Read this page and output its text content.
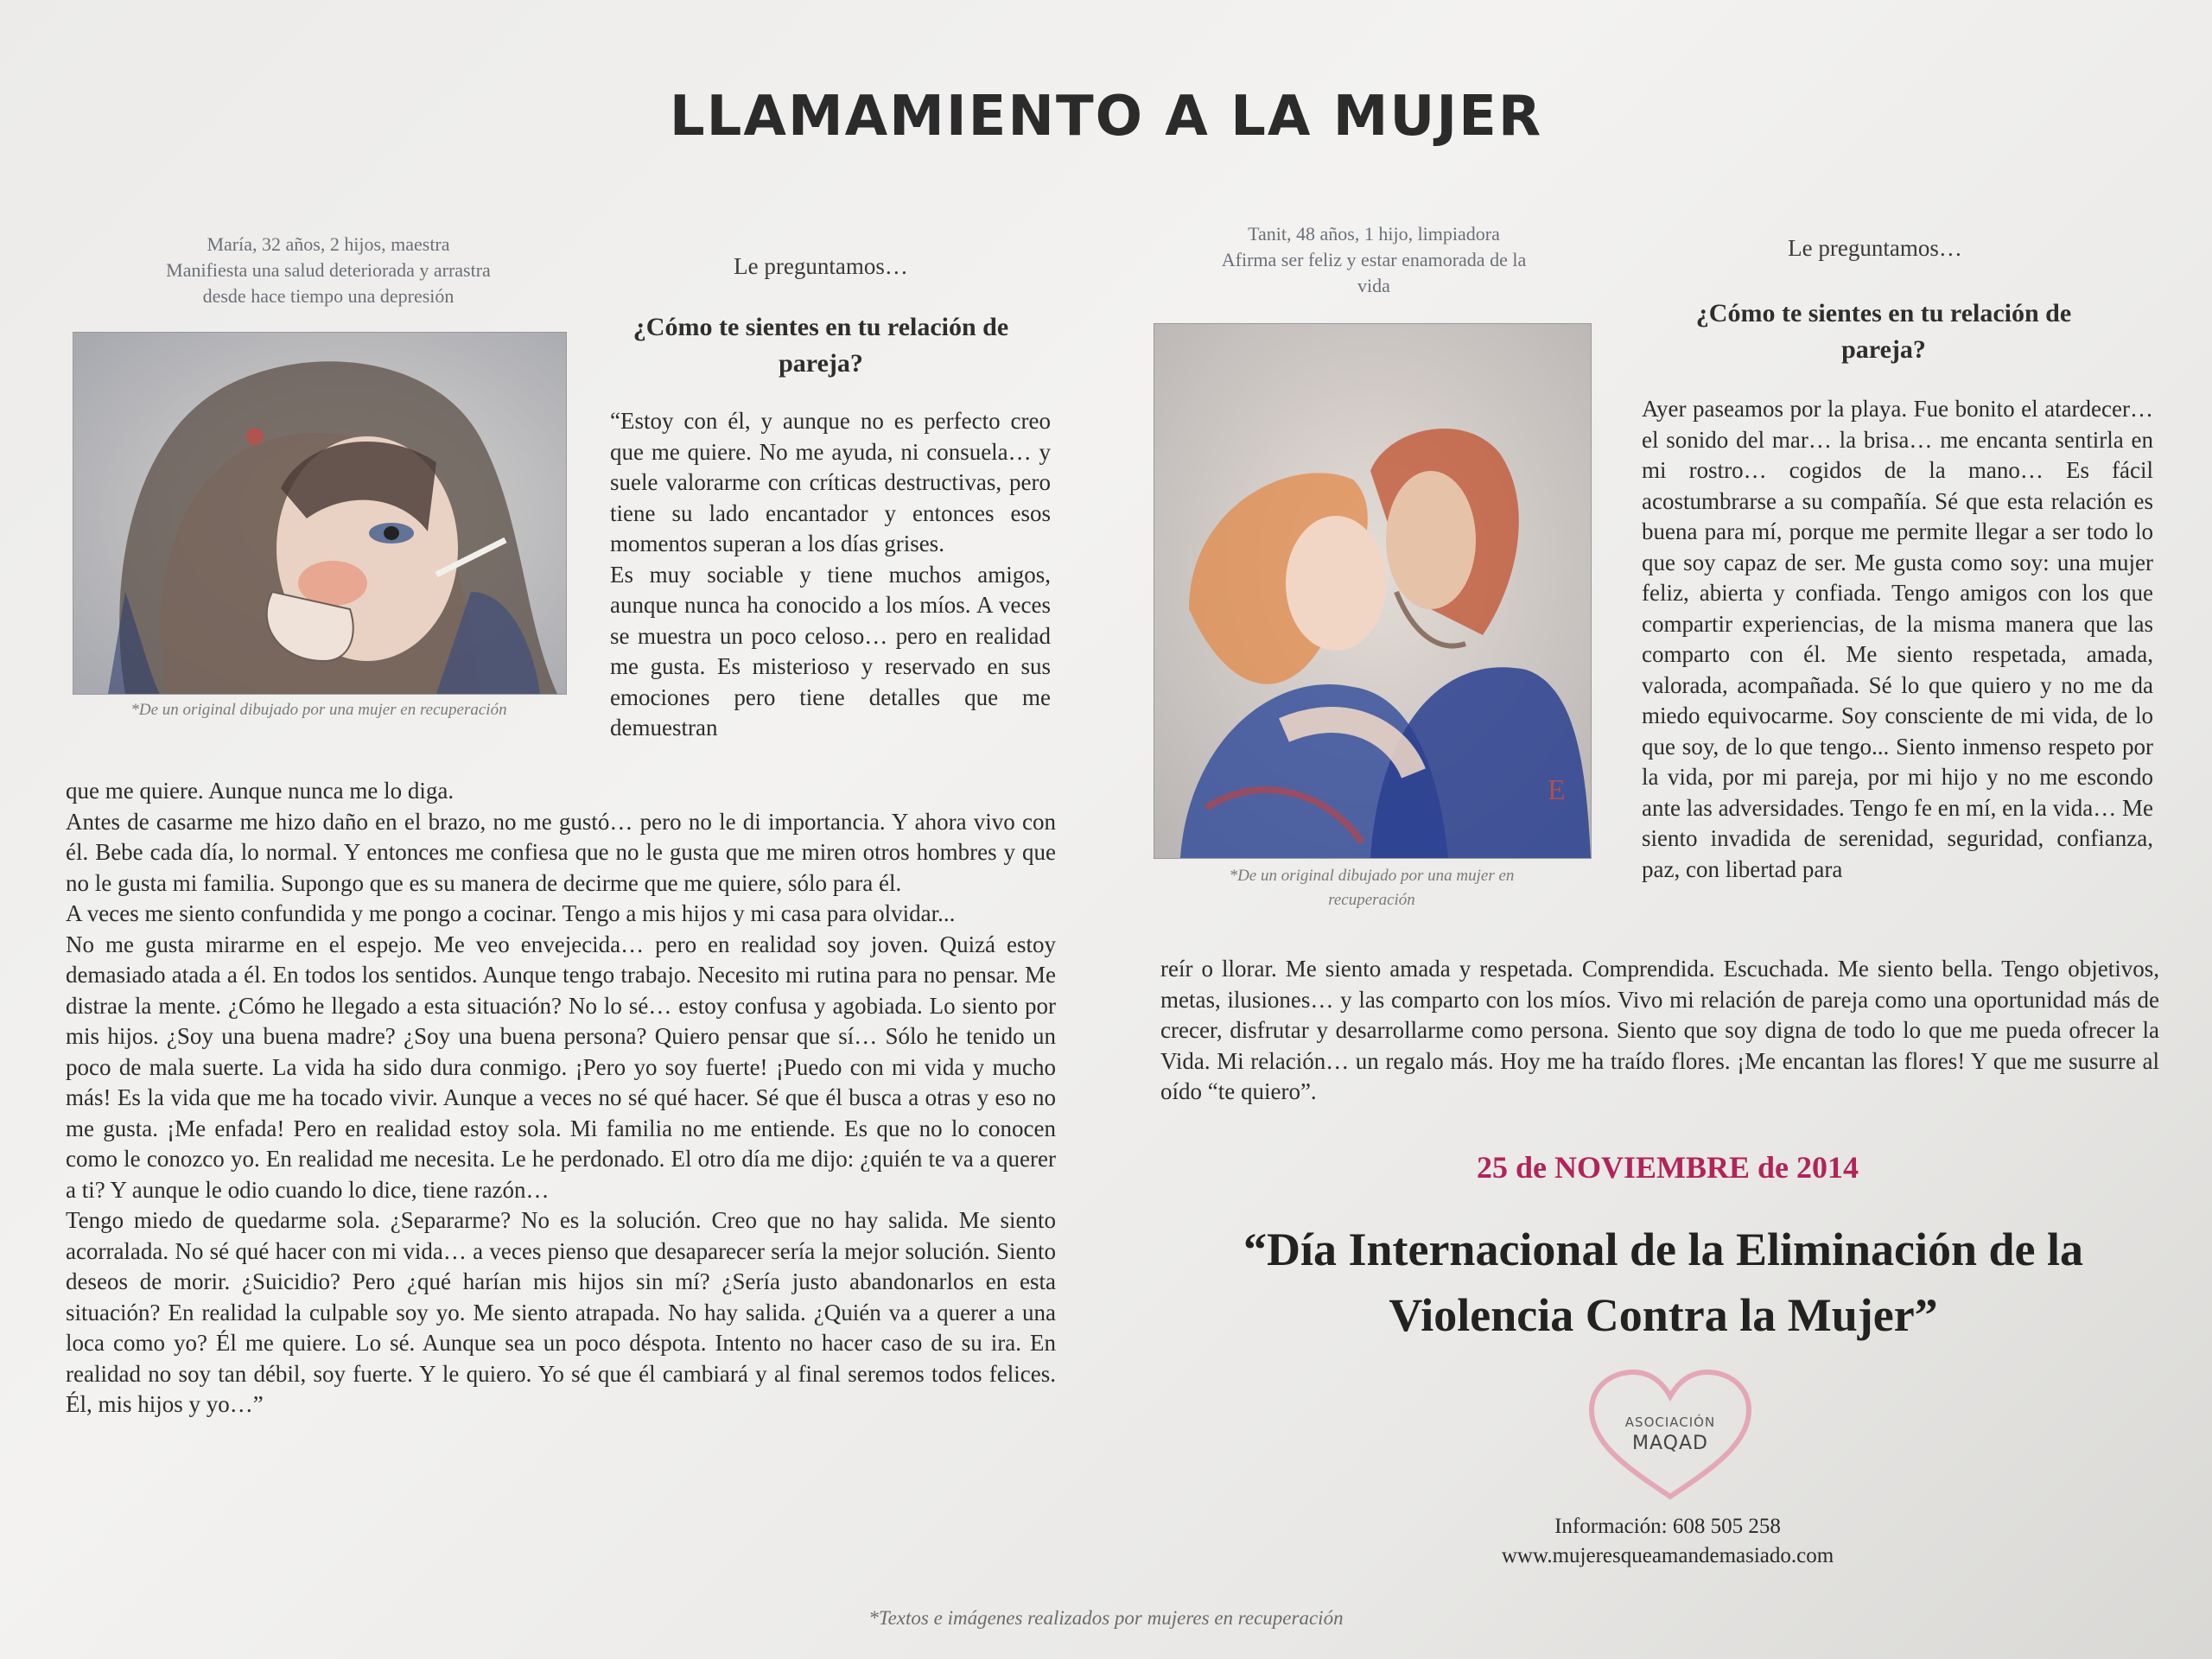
LLAMAMIENTO A LA MUJER
María, 32 años, 2 hijos, maestra
Manifiesta una salud deteriorada y arrastra
desde hace tiempo una depresión
Le preguntamos…
¿Cómo te sientes en tu relación de pareja?
*De un original dibujado por una mujer en recuperación

“Estoy con él, y aunque no es perfecto creo que me quiere. No me ayuda, ni consuela… y suele valorarme con críticas destructivas, pero tiene su lado encantador y entonces esos momentos superan a los días grises.

Es muy sociable y tiene muchos amigos, aunque nunca ha conocido a los míos. A veces se muestra un poco celoso… pero en realidad me gusta. Es misterioso y reservado en sus emociones pero tiene detalles que me demuestran

que me quiere. Aunque nunca me lo diga.

Antes de casarme me hizo daño en el brazo, no me gustó… pero no le di importancia. Y ahora vivo con él. Bebe cada día, lo normal. Y entonces me confiesa que no le gusta que me miren otros hombres y que no le gusta mi familia. Supongo que es su manera de decirme que me quiere, sólo para él.

A veces me siento confundida y me pongo a cocinar. Tengo a mis hijos y mi casa para olvidar...

No me gusta mirarme en el espejo. Me veo envejecida… pero en realidad soy joven. Quizá estoy demasiado atada a él. En todos los sentidos. Aunque tengo trabajo. Necesito mi rutina para no pensar. Me distrae la mente. ¿Cómo he llegado a esta situación? No lo sé… estoy confusa y agobiada. Lo siento por mis hijos. ¿Soy una buena madre? ¿Soy una buena persona? Quiero pensar que sí… Sólo he tenido un poco de mala suerte. La vida ha sido dura conmigo. ¡Pero yo soy fuerte! ¡Puedo con mi vida y mucho más! Es la vida que me ha tocado vivir. Aunque a veces no sé qué hacer. Sé que él busca a otras y eso no me gusta. ¡Me enfada! Pero en realidad estoy sola. Mi familia no me entiende. Es que no lo conocen como le conozco yo. En realidad me necesita. Le he perdonado. El otro día me dijo: ¿quién te va a querer a ti? Y aunque le odio cuando lo dice, tiene razón…

Tengo miedo de quedarme sola. ¿Separarme? No es la solución. Creo que no hay salida. Me siento acorralada. No sé qué hacer con mi vida… a veces pienso que desaparecer sería la mejor solución. Siento deseos de morir. ¿Suicidio? Pero ¿qué harían mis hijos sin mí? ¿Sería justo abandonarlos en esta situación? En realidad la culpable soy yo. Me siento atrapada. No hay salida. ¿Quién va a querer a una loca como yo? Él me quiere. Lo sé. Aunque sea un poco déspota. Intento no hacer caso de su ira. En realidad no soy tan débil, soy fuerte. Y le quiero. Yo sé que él cambiará y al final seremos todos felices. Él, mis hijos y yo…”

Tanit, 48 años, 1 hijo, limpiadora
Afirma ser feliz y estar enamorada de la
vida
Le preguntamos…
¿Cómo te sientes en tu relación de pareja?
E
*De un original dibujado por una mujer en
recuperación

Ayer paseamos por la playa. Fue bonito el atardecer… el sonido del mar… la brisa… me encanta sentirla en mi rostro… cogidos de la mano… Es fácil acostumbrarse a su compañía. Sé que esta relación es buena para mí, porque me permite llegar a ser todo lo que soy capaz de ser. Me gusta como soy: una mujer feliz, abierta y confiada. Tengo amigos con los que compartir experiencias, de la misma manera que las comparto con él. Me siento respetada, amada, valorada, acompañada. Sé lo que quiero y no me da miedo equivocarme. Soy consciente de mi vida, de lo que soy, de lo que tengo... Siento inmenso respeto por la vida, por mi pareja, por mi hijo y no me escondo ante las adversidades. Tengo fe en mí, en la vida… Me siento invadida de serenidad, seguridad, confianza, paz, con libertad para

reír o llorar. Me siento amada y respetada. Comprendida. Escuchada. Me siento bella. Tengo objetivos, metas, ilusiones… y las comparto con los míos. Vivo mi relación de pareja como una oportunidad más de crecer, disfrutar y desarrollarme como persona. Siento que soy digna de todo lo que me pueda ofrecer la Vida. Mi relación… un regalo más. Hoy me ha traído flores. ¡Me encantan las flores! Y que me susurre al oído “te quiero”.

25 de NOVIEMBRE de 2014
“Día Internacional de la Eliminación de la
Violencia Contra la Mujer”
ASOCIACIÓN
MAQAD
Información: 608 505 258
www.mujeresqueamandemasiado.com
*Textos e imágenes realizados por mujeres en recuperación
